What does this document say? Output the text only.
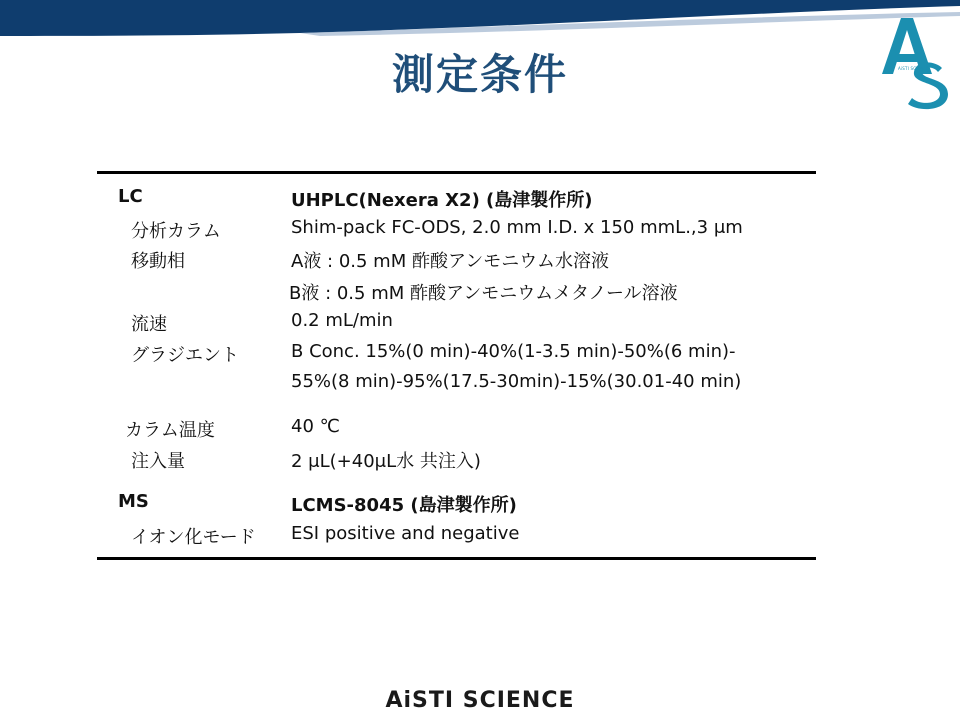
AiSTI SCIENCE
測定条件
LC	UHPLC(Nexera X2) (島津製作所)
分析カラム	Shim-pack FC-ODS, 2.0 mm I.D. x 150 mmL.,3 μm
移動相	A液 : 0.5 mM 酢酸アンモニウム水溶液
B液 : 0.5 mM 酢酸アンモニウムメタノール溶液
流速	0.2 mL/min
グラジエント	B Conc. 15%(0 min)-40%(1-3.5 min)-50%(6 min)-
55%(8 min)-95%(17.5-30min)-15%(30.01-40 min)
カラム温度	40 ℃
注入量	2 μL(+40μL水 共注入)
MS	LCMS-8045 (島津製作所)
イオン化モード ESI positive and negative
AiSTI SCIENCE
